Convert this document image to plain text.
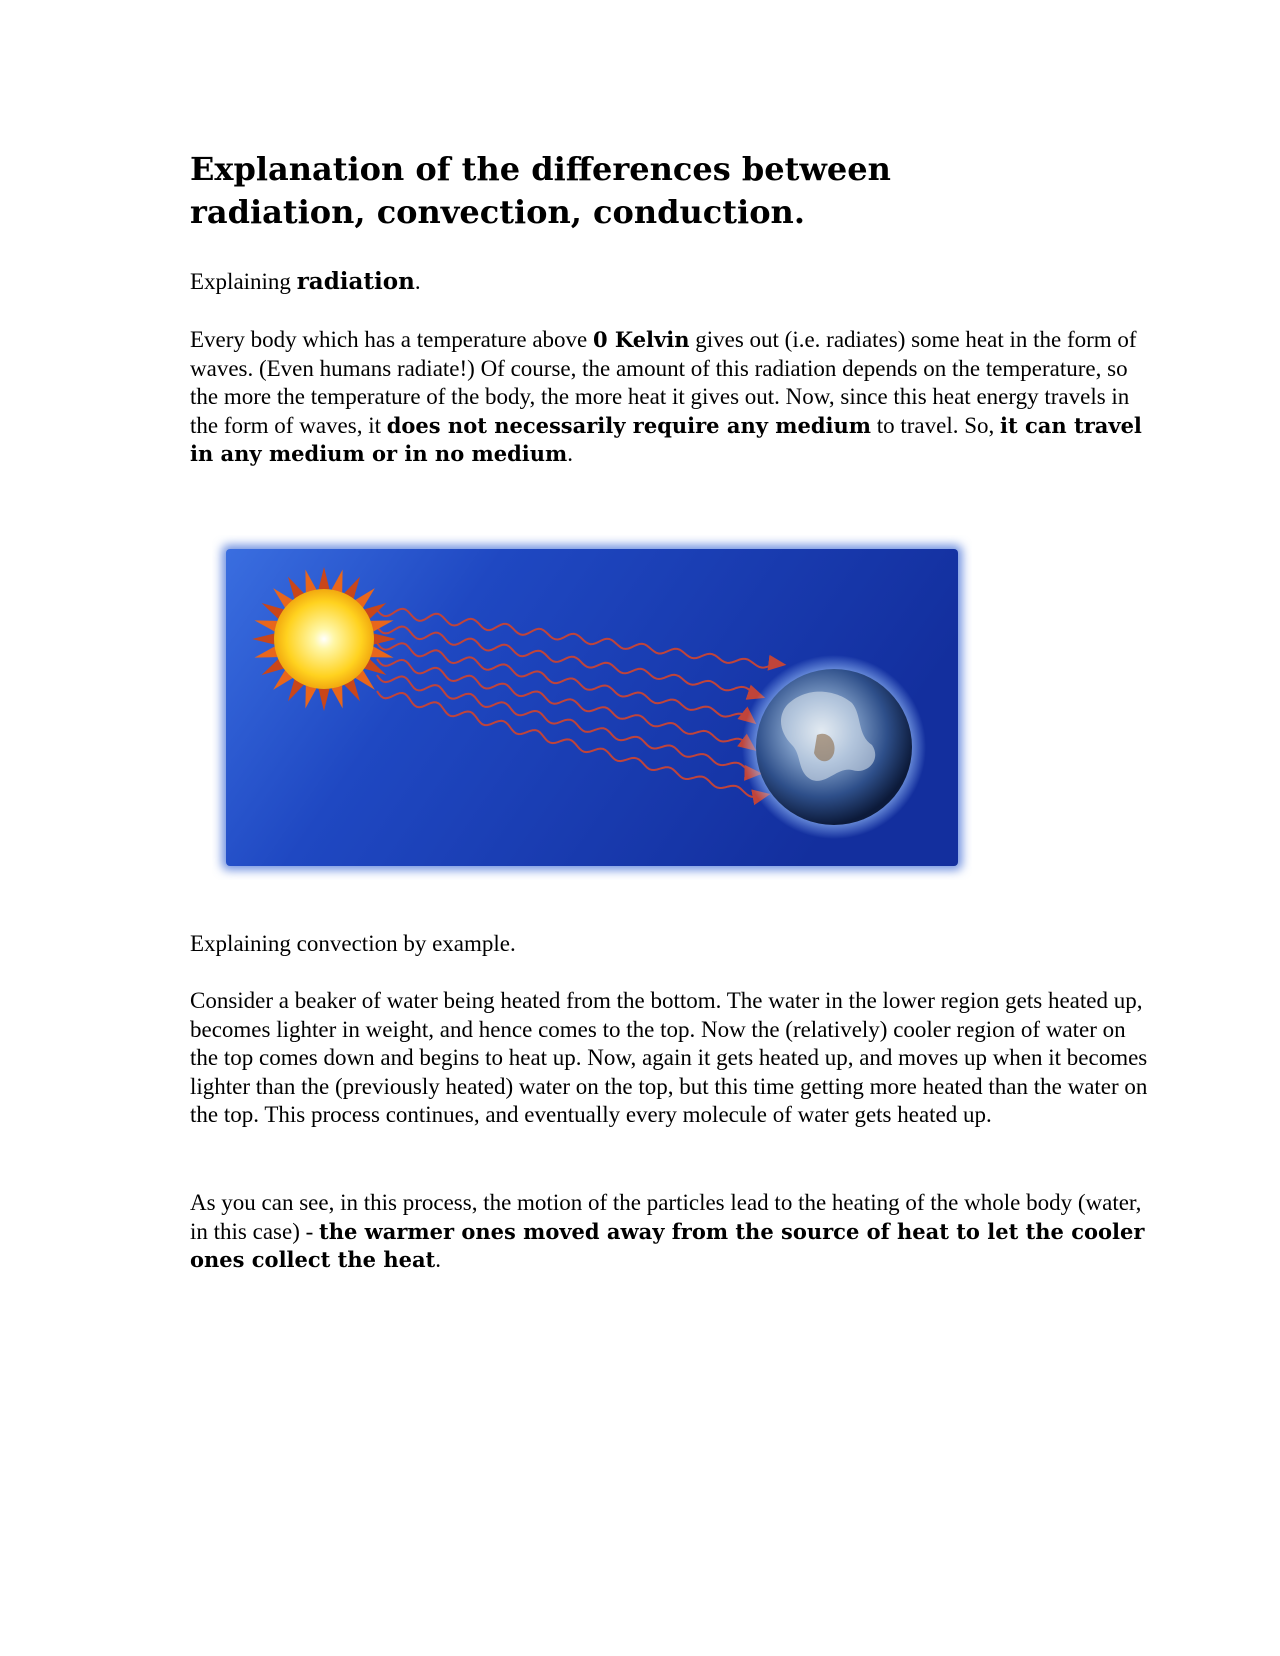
Explanation of the differences between radiation, convection, conduction.

Explaining radiation.

Every body which has a temperature above 0 Kelvin gives out (i.e. radiates) some heat in the form of waves. (Even humans radiate!) Of course, the amount of this radiation depends on the temperature, so the more the temperature of the body, the more heat it gives out. Now, since this heat energy travels in the form of waves, it does not necessarily require any medium to travel. So, it can travel in any medium or in no medium.

Explaining convection by example.

Consider a beaker of water being heated from the bottom. The water in the lower region gets heated up, becomes lighter in weight, and hence comes to the top. Now the (relatively) cooler region of water on the top comes down and begins to heat up. Now, again it gets heated up, and moves up when it becomes lighter than the (previously heated) water on the top, but this time getting more heated than the water on the top. This process continues, and eventually every molecule of water gets heated up.

As you can see, in this process, the motion of the particles lead to the heating of the whole body (water, in this case) - the warmer ones moved away from the source of heat to let the cooler ones collect the heat.
